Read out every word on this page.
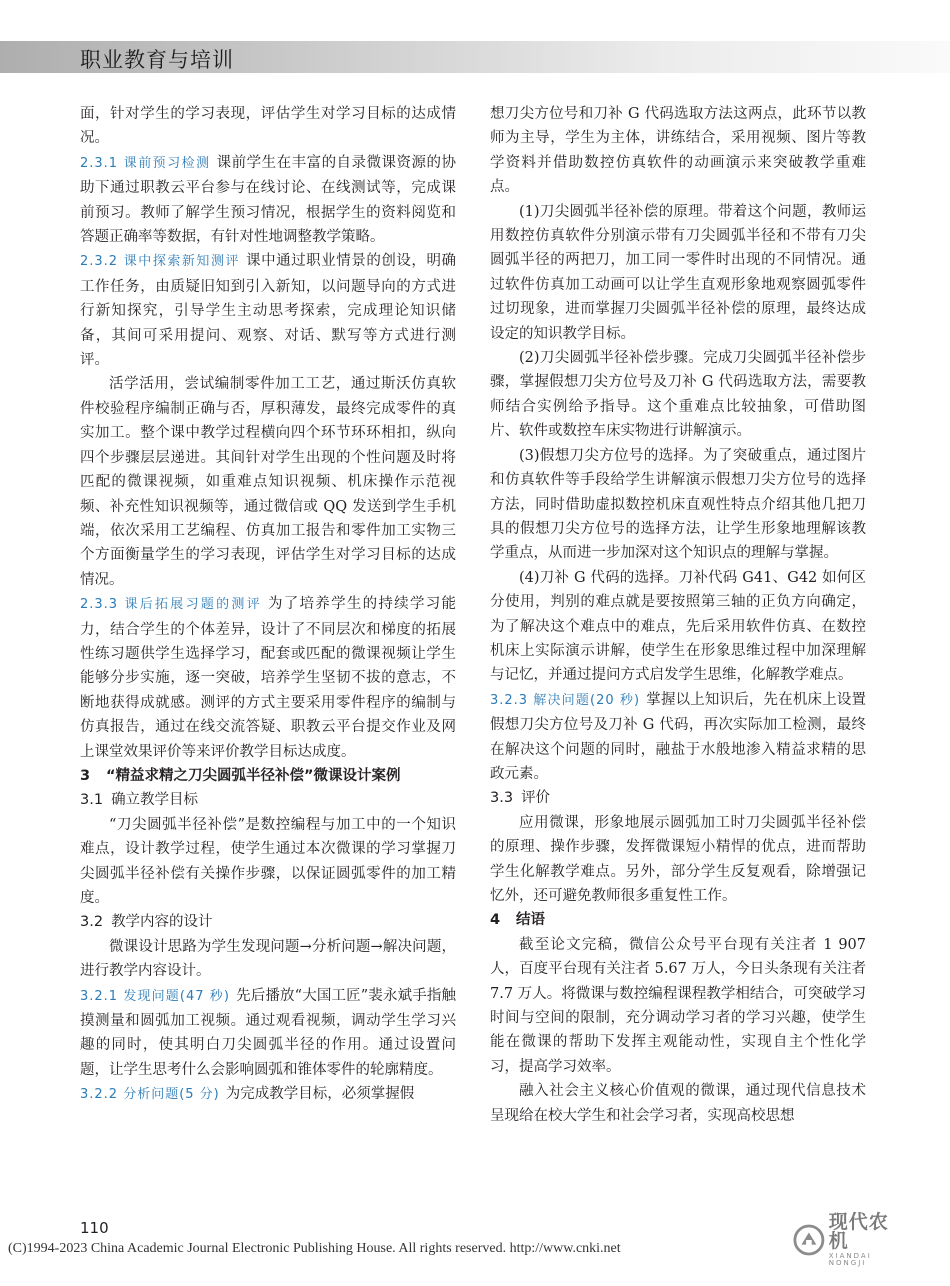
职业教育与培训

面，针对学生的学习表现，评估学生对学习目标的达成情况。

2.3.1 课前预习检测 课前学生在丰富的自录微课资源的协助下通过职教云平台参与在线讨论、在线测试等，完成课前预习。教师了解学生预习情况，根据学生的资料阅览和答题正确率等数据，有针对性地调整教学策略。

2.3.2 课中探索新知测评 课中通过职业情景的创设，明确工作任务，由质疑旧知到引入新知，以问题导向的方式进行新知探究，引导学生主动思考探索，完成理论知识储备，其间可采用提问、观察、对话、默写等方式进行测评。

活学活用，尝试编制零件加工工艺，通过斯沃仿真软件校验程序编制正确与否，厚积薄发，最终完成零件的真实加工。整个课中教学过程横向四个环节环环相扣，纵向四个步骤层层递进。其间针对学生出现的个性问题及时将匹配的微课视频，如重难点知识视频、机床操作示范视频、补充性知识视频等，通过微信或 QQ 发送到学生手机端，依次采用工艺编程、仿真加工报告和零件加工实物三个方面衡量学生的学习表现，评估学生对学习目标的达成情况。

2.3.3 课后拓展习题的测评 为了培养学生的持续学习能力，结合学生的个体差异，设计了不同层次和梯度的拓展性练习题供学生选择学习，配套或匹配的微课视频让学生能够分步实施，逐一突破，培养学生坚韧不拔的意志，不断地获得成就感。测评的方式主要采用零件程序的编制与仿真报告，通过在线交流答疑、职教云平台提交作业及网上课堂效果评价等来评价教学目标达成度。

3 “精益求精之刀尖圆弧半径补偿”微课设计案例
3.1 确立教学目标

“刀尖圆弧半径补偿”是数控编程与加工中的一个知识难点，设计教学过程，使学生通过本次微课的学习掌握刀尖圆弧半径补偿有关操作步骤，以保证圆弧零件的加工精度。

3.2 教学内容的设计

微课设计思路为学生发现问题→分析问题→解决问题，进行教学内容设计。

3.2.1 发现问题(47 秒) 先后播放“大国工匠”裴永斌手指触摸测量和圆弧加工视频。通过观看视频，调动学生学习兴趣的同时，使其明白刀尖圆弧半径的作用。通过设置问题，让学生思考什么会影响圆弧和锥体零件的轮廓精度。

3.2.2 分析问题(5 分) 为完成教学目标，必须掌握假

想刀尖方位号和刀补 G 代码选取方法这两点，此环节以教师为主导，学生为主体，讲练结合，采用视频、图片等教学资料并借助数控仿真软件的动画演示来突破教学重难点。

(1)刀尖圆弧半径补偿的原理。带着这个问题，教师运用数控仿真软件分别演示带有刀尖圆弧半径和不带有刀尖圆弧半径的两把刀，加工同一零件时出现的不同情况。通过软件仿真加工动画可以让学生直观形象地观察圆弧零件过切现象，进而掌握刀尖圆弧半径补偿的原理，最终达成设定的知识教学目标。

(2)刀尖圆弧半径补偿步骤。完成刀尖圆弧半径补偿步骤，掌握假想刀尖方位号及刀补 G 代码选取方法，需要教师结合实例给予指导。这个重难点比较抽象，可借助图片、软件或数控车床实物进行讲解演示。

(3)假想刀尖方位号的选择。为了突破重点，通过图片和仿真软件等手段给学生讲解演示假想刀尖方位号的选择方法，同时借助虚拟数控机床直观性特点介绍其他几把刀具的假想刀尖方位号的选择方法，让学生形象地理解该教学重点，从而进一步加深对这个知识点的理解与掌握。

(4)刀补 G 代码的选择。刀补代码 G41、G42 如何区分使用，判别的难点就是要按照第三轴的正负方向确定，为了解决这个难点中的难点，先后采用软件仿真、在数控机床上实际演示讲解，使学生在形象思维过程中加深理解与记忆，并通过提问方式启发学生思维，化解教学难点。

3.2.3 解决问题(20 秒) 掌握以上知识后，先在机床上设置假想刀尖方位号及刀补 G 代码，再次实际加工检测，最终在解决这个问题的同时，融盐于水般地渗入精益求精的思政元素。

3.3 评价

应用微课，形象地展示圆弧加工时刀尖圆弧半径补偿的原理、操作步骤，发挥微课短小精悍的优点，进而帮助学生化解教学难点。另外，部分学生反复观看，除增强记忆外，还可避免教师很多重复性工作。

4 结语

截至论文完稿，微信公众号平台现有关注者 1 907 人，百度平台现有关注者 5.67 万人，今日头条现有关注者 7.7 万人。将微课与数控编程课程教学相结合，可突破学习时间与空间的限制，充分调动学习者的学习兴趣，使学生能在微课的帮助下发挥主观能动性，实现自主个性化学习，提高学习效率。

融入社会主义核心价值观的微课，通过现代信息技术呈现给在校大学生和社会学习者，实现高校思想

110
(C)1994-2023 China Academic Journal Electronic Publishing House. All rights reserved. http://www.cnki.net
现代农机
XIANDAI NONGJI
